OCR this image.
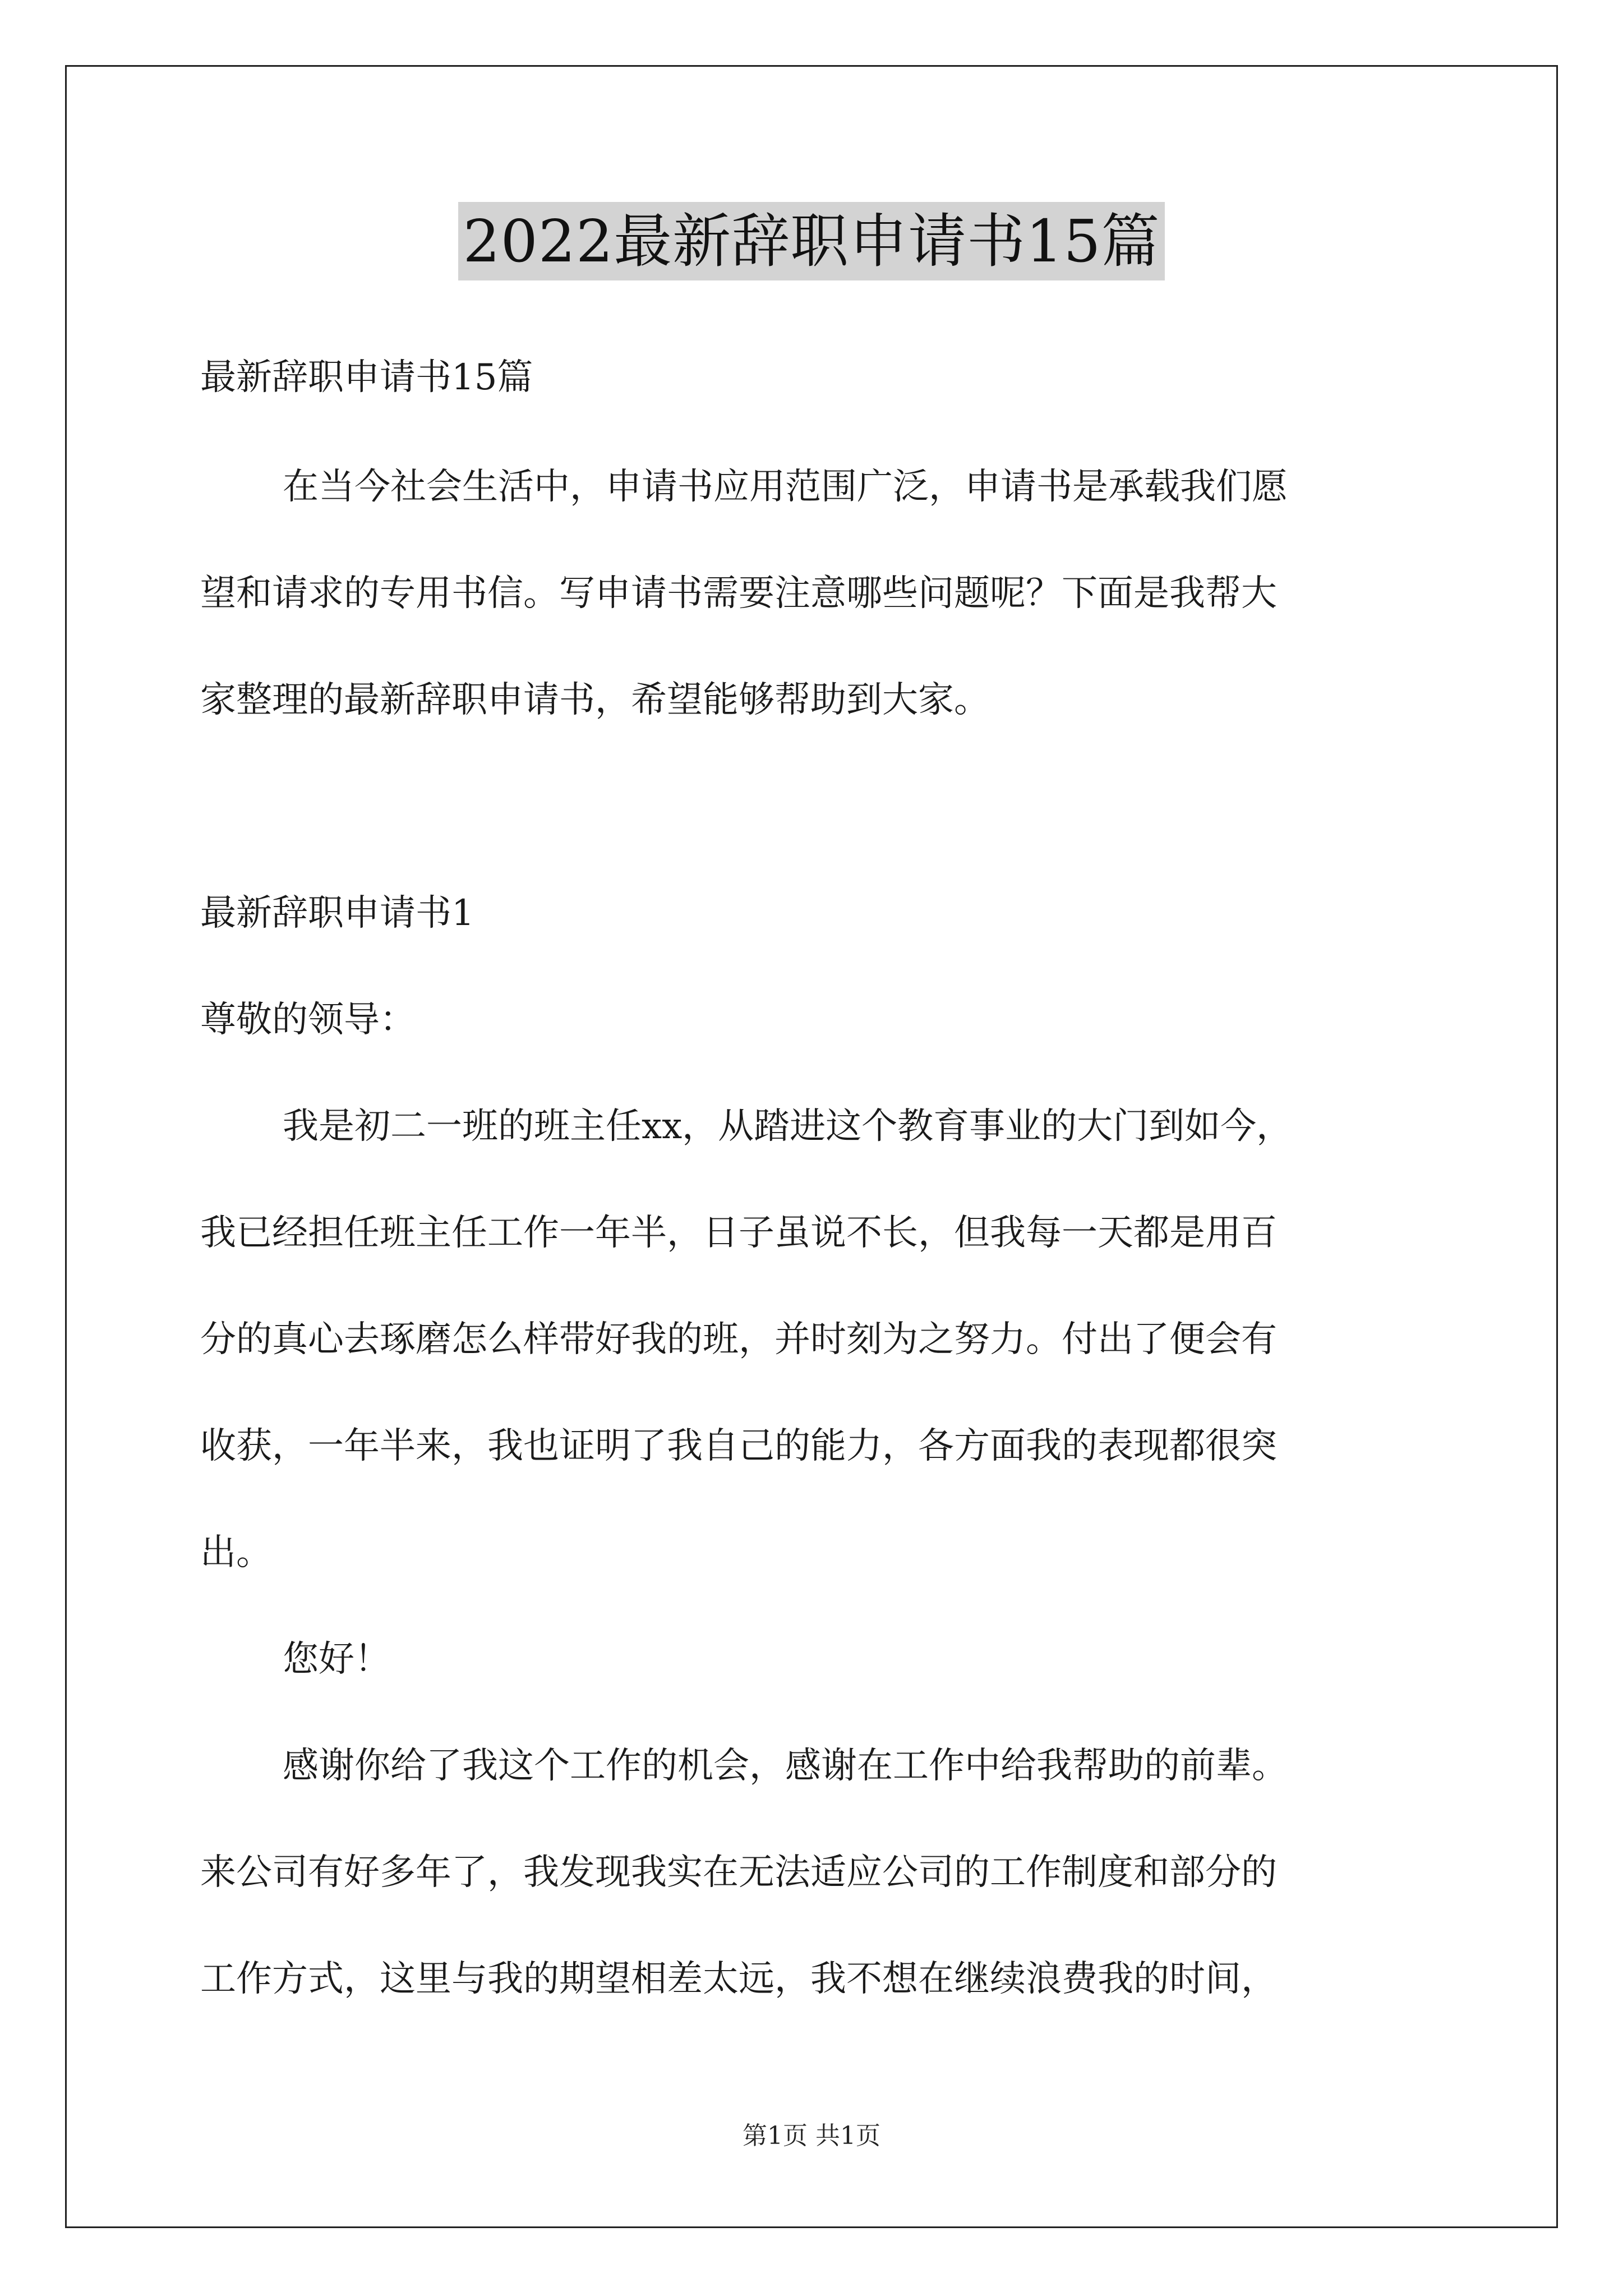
2022最新辞职申请书15篇
最新辞职申请书15篇
在当今社会生活中，申请书应用范围广泛，申请书是承载我们愿
望和请求的专用书信。写申请书需要注意哪些问题呢？下面是我帮大
家整理的最新辞职申请书，希望能够帮助到大家。
最新辞职申请书1
尊敬的领导：
我是初二一班的班主任xx，从踏进这个教育事业的大门到如今，
我已经担任班主任工作一年半，日子虽说不长，但我每一天都是用百
分的真心去琢磨怎么样带好我的班，并时刻为之努力。付出了便会有
收获，一年半来，我也证明了我自己的能力，各方面我的表现都很突
出。
您好！
感谢你给了我这个工作的机会，感谢在工作中给我帮助的前辈。
来公司有好多年了，我发现我实在无法适应公司的工作制度和部分的
工作方式，这里与我的期望相差太远，我不想在继续浪费我的时间，
第1页 共1页
